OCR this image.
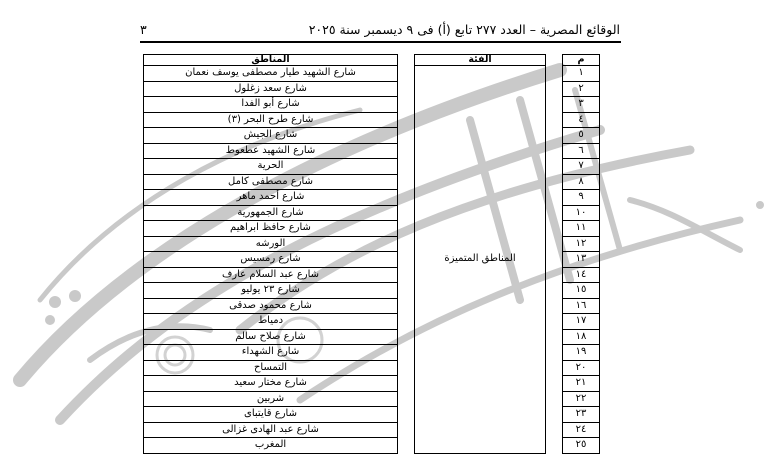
الوقائع المصرية – العدد ٢٧٧ تابع (أ) فى ٩ ديسمبر سنة ٢٠٢٥
٣
م		الفئة		المناطق
١		المناطق المتميزة		شارع الشهيد طيار مصطفى يوسف نعمان
٢				شارع سعد زغلول
٣				شارع أبو الفدا
٤				شارع طرح البحر (٣)
٥				شارع الجيش
٦				شارع الشهيد عطعوط
٧				الحرية
٨				شارع مصطفى كامل
٩				شارع أحمد ماهر
١٠				شارع الجمهورية
١١				شارع حافظ ابراهيم
١٢				الورشه
١٣				شارع رمسيس
١٤				شارع عبد السلام عارف
١٥				شارع ٢٣ يوليو
١٦				شارع محمود صدقى
١٧				دمياط
١٨				شارع صلاح سالم
١٩				شارع الشهداء
٢٠				التمساح
٢١				شارع مختار سعيد
٢٢				شربين
٢٣				شارع قايتباى
٢٤				شارع عبد الهادى غزالى
٢٥				المغرب
